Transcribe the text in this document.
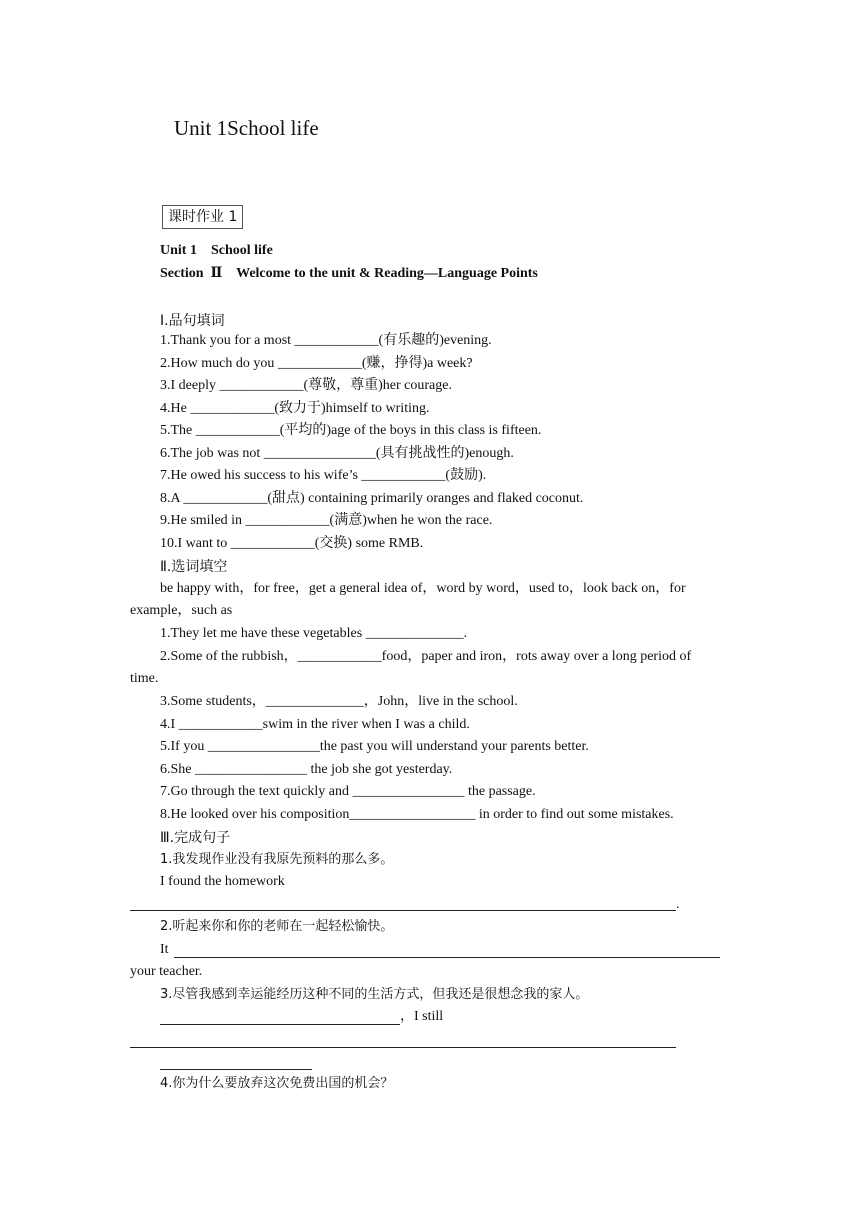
Unit 1School life
课时作业 1
Unit 1    School life
Section  Ⅱ    Welcome to the unit & Reading—Language Points
Ⅰ.品句填词
1.Thank you for a most ____________(有乐趣的)evening.
2.How much do you ____________(赚，挣得)a week?
3.I deeply ____________(尊敬，尊重)her courage.
4.He ____________(致力于)himself to writing.
5.The ____________(平均的)age of the boys in this class is fifteen.
6.The job was not ________________(具有挑战性的)enough.
7.He owed his success to his wife’s ____________(鼓励).
8.A ____________(甜点) containing primarily oranges and flaked coconut.
9.He smiled in ____________(满意)when he won the race.
10.I want to ____________(交换) some RMB.
Ⅱ.选词填空
be happy with，for free，get a general idea of，word by word，used to，look back on，for
example，such as
1.They let me have these vegetables ______________.
2.Some of the rubbish，____________food，paper and iron，rots away over a long period of
time.
3.Some students，______________，John，live in the school.
4.I ____________swim in the river when I was a child.
5.If you ________________the past you will understand your parents better.
6.She ________________ the job she got yesterday.
7.Go through the text quickly and ________________ the passage.
8.He looked over his composition__________________ in order to find out some mistakes.
Ⅲ.完成句子
1.我发现作业没有我原先预料的那么多。
I found the homework
.
2.听起来你和你的老师在一起轻松愉快。
It
your teacher.
3.尽管我感到幸运能经历这种不同的生活方式，但我还是很想念我的家人。
，I still
4.你为什么要放弃这次免费出国的机会？
